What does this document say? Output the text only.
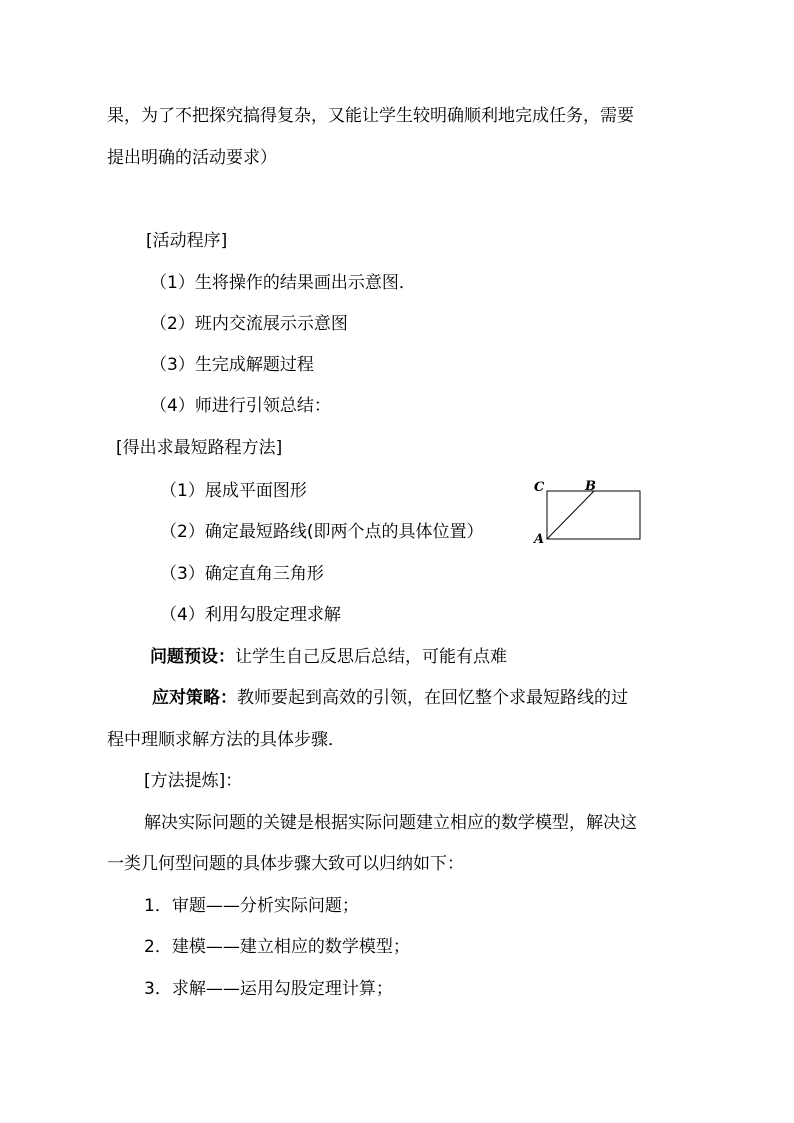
果，为了不把探究搞得复杂，又能让学生较明确顺利地完成任务，需要
提出明确的活动要求）
[活动程序]
（1）生将操作的结果画出示意图．
（2）班内交流展示示意图
（3）生完成解题过程
（4）师进行引领总结：
[得出求最短路程方法]
（1）展成平面图形
（2）确定最短路线(即两个点的具体位置）
（3）确定直角三角形
（4）利用勾股定理求解
C	B
A
问题预设：让学生自己反思后总结，可能有点难
应对策略：教师要起到高效的引领，在回忆整个求最短路线的过
程中理顺求解方法的具体步骤．
[方法提炼]：
解决实际问题的关键是根据实际问题建立相应的数学模型，解决这
一类几何型问题的具体步骤大致可以归纳如下：
1．审题——分析实际问题；
2．建模——建立相应的数学模型；
3．求解——运用勾股定理计算；
